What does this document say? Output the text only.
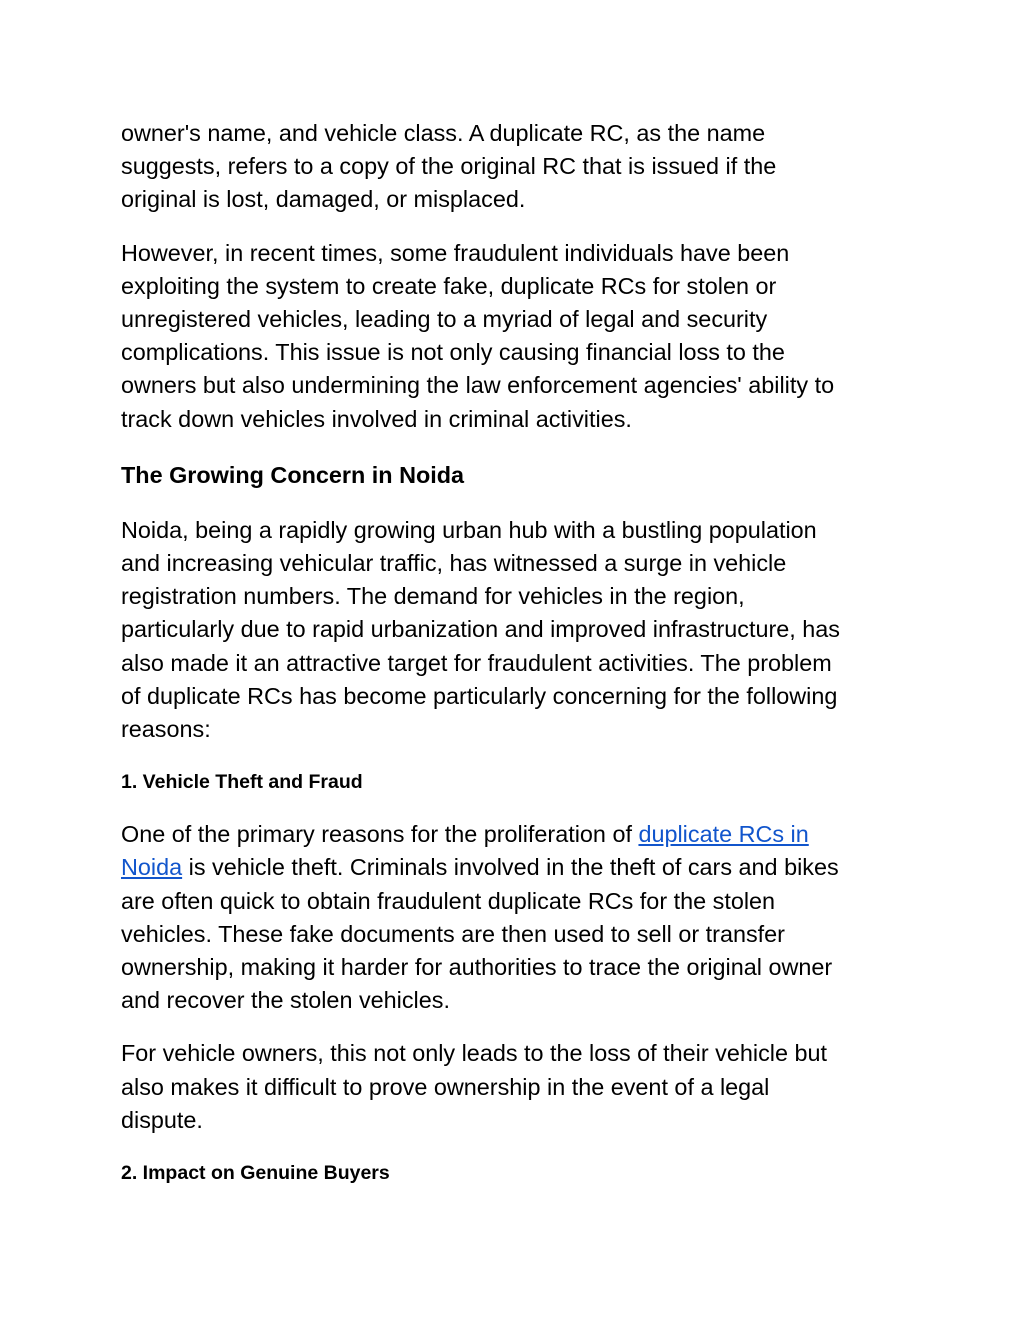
owner's name, and vehicle class. A duplicate RC, as the name
suggests, refers to a copy of the original RC that is issued if the
original is lost, damaged, or misplaced.

However, in recent times, some fraudulent individuals have been
exploiting the system to create fake, duplicate RCs for stolen or
unregistered vehicles, leading to a myriad of legal and security
complications. This issue is not only causing financial loss to the
owners but also undermining the law enforcement agencies' ability to
track down vehicles involved in criminal activities.

The Growing Concern in Noida

Noida, being a rapidly growing urban hub with a bustling population
and increasing vehicular traffic, has witnessed a surge in vehicle
registration numbers. The demand for vehicles in the region,
particularly due to rapid urbanization and improved infrastructure, has
also made it an attractive target for fraudulent activities. The problem
of duplicate RCs has become particularly concerning for the following
reasons:

1. Vehicle Theft and Fraud

One of the primary reasons for the proliferation of duplicate RCs in
Noida is vehicle theft. Criminals involved in the theft of cars and bikes
are often quick to obtain fraudulent duplicate RCs for the stolen
vehicles. These fake documents are then used to sell or transfer
ownership, making it harder for authorities to trace the original owner
and recover the stolen vehicles.

For vehicle owners, this not only leads to the loss of their vehicle but
also makes it difficult to prove ownership in the event of a legal
dispute.

2. Impact on Genuine Buyers
